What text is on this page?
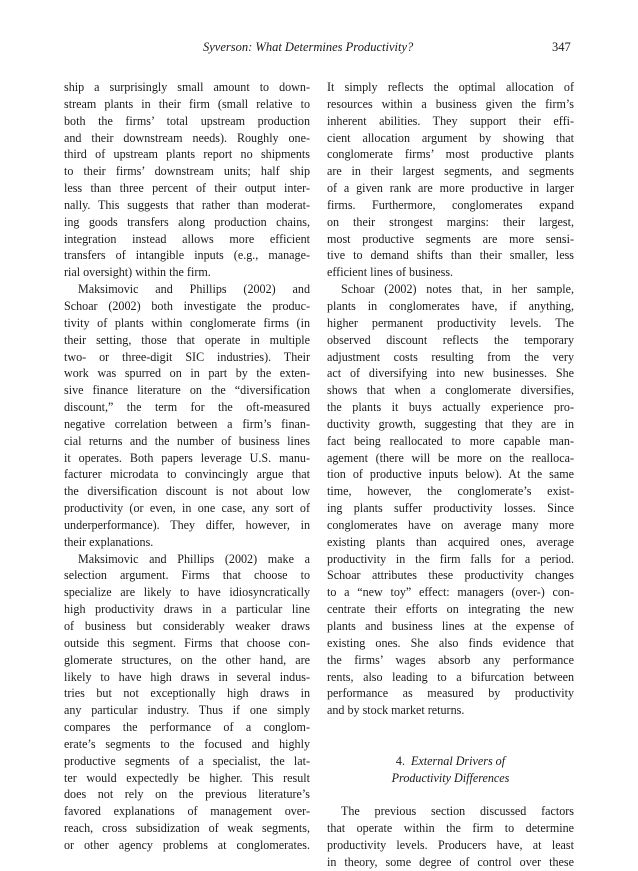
Syverson: What Determines Productivity?	347
ship a surprisingly small amount to down-
stream plants in their firm (small relative to
both the firms’ total upstream production
and their downstream needs). Roughly one-
third of upstream plants report no shipments
to their firms’ downstream units; half ship
less than three percent of their output inter-
nally. This suggests that rather than moderat-
ing goods transfers along production chains,
integration instead allows more efficient
transfers of intangible inputs (e.g., manage-
rial oversight) within the firm.
Maksimovic and Phillips (2002) and
Schoar (2002) both investigate the produc-
tivity of plants within conglomerate firms (in
their setting, those that operate in multiple
two- or three-digit SIC industries). Their
work was spurred on in part by the exten-
sive finance literature on the “diversification
discount,” the term for the oft-measured
negative correlation between a firm’s finan-
cial returns and the number of business lines
it operates. Both papers leverage U.S. manu-
facturer microdata to convincingly argue that
the diversification discount is not about low
productivity (or even, in one case, any sort of
underperformance). They differ, however, in
their explanations.
Maksimovic and Phillips (2002) make a
selection argument. Firms that choose to
specialize are likely to have idiosyncratically
high productivity draws in a particular line
of business but considerably weaker draws
outside this segment. Firms that choose con-
glomerate structures, on the other hand, are
likely to have high draws in several indus-
tries but not exceptionally high draws in
any particular industry. Thus if one simply
compares the performance of a conglom-
erate’s segments to the focused and highly
productive segments of a specialist, the lat-
ter would expectedly be higher. This result
does not rely on the previous literature’s
favored explanations of management over-
reach, cross subsidization of weak segments,
or other agency problems at conglomerates.
It simply reflects the optimal allocation of
resources within a business given the firm’s
inherent abilities. They support their effi-
cient allocation argument by showing that
conglomerate firms’ most productive plants
are in their largest segments, and segments
of a given rank are more productive in larger
firms. Furthermore, conglomerates expand
on their strongest margins: their largest,
most productive segments are more sensi-
tive to demand shifts than their smaller, less
efficient lines of business.
Schoar (2002) notes that, in her sample,
plants in conglomerates have, if anything,
higher permanent productivity levels. The
observed discount reflects the temporary
adjustment costs resulting from the very
act of diversifying into new businesses. She
shows that when a conglomerate diversifies,
the plants it buys actually experience pro-
ductivity growth, suggesting that they are in
fact being reallocated to more capable man-
agement (there will be more on the realloca-
tion of productive inputs below). At the same
time, however, the conglomerate’s exist-
ing plants suffer productivity losses. Since
conglomerates have on average many more
existing plants than acquired ones, average
productivity in the firm falls for a period.
Schoar attributes these productivity changes
to a “new toy” effect: managers (over-) con-
centrate their efforts on integrating the new
plants and business lines at the expense of
existing ones. She also finds evidence that
the firms’ wages absorb any performance
rents, also leading to a bifurcation between
performance as measured by productivity
and by stock market returns.
4. External Drivers of
Productivity Differences
The previous section discussed factors
that operate within the firm to determine
productivity levels. Producers have, at least
in theory, some degree of control over these
